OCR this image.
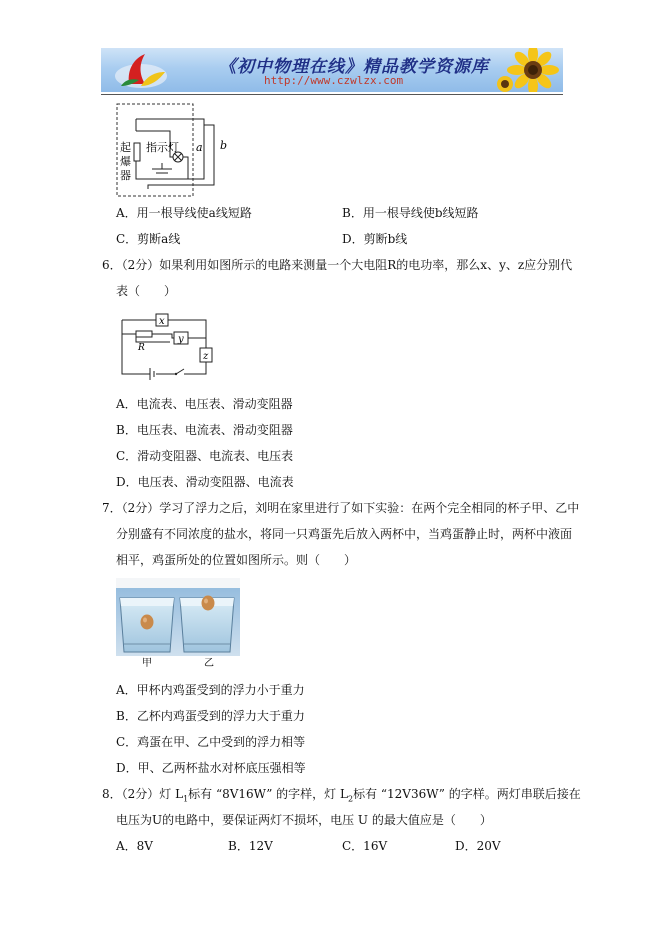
《初中物理在线》精品教学资源库
http://www.czwlzx.com
起
爆
器
指示灯 a b
A．用一根导线使a线短路	B．用一根导线使b线短路
C．剪断a线	D．剪断b线
6．（2分）如果利用如图所示的电路来测量一个大电阻R的电功率，那么x、y、z应分别代
表（　　）
x
y
z
R
A．电流表、电压表、滑动变阻器
B．电压表、电流表、滑动变阻器
C．滑动变阻器、电流表、电压表
D．电压表、滑动变阻器、电流表
7．（2分）学习了浮力之后，刘明在家里进行了如下实验：在两个完全相同的杯子甲、乙中
分别盛有不同浓度的盐水，将同一只鸡蛋先后放入两杯中，当鸡蛋静止时，两杯中液面
相平，鸡蛋所处的位置如图所示。则（　　）
甲	乙
A．甲杯内鸡蛋受到的浮力小于重力
B．乙杯内鸡蛋受到的浮力大于重力
C．鸡蛋在甲、乙中受到的浮力相等
D．甲、乙两杯盐水对杯底压强相等
8．（2分）灯 $L_1$标有 “8V16W” 的字样，灯 $L_2$标有 “12V36W” 的字样。两灯串联后接在
电压为U的电路中，要保证两灯不损坏，电压 U 的最大值应是（　　）
A．8V	B．12V	C．16V	D．20V
